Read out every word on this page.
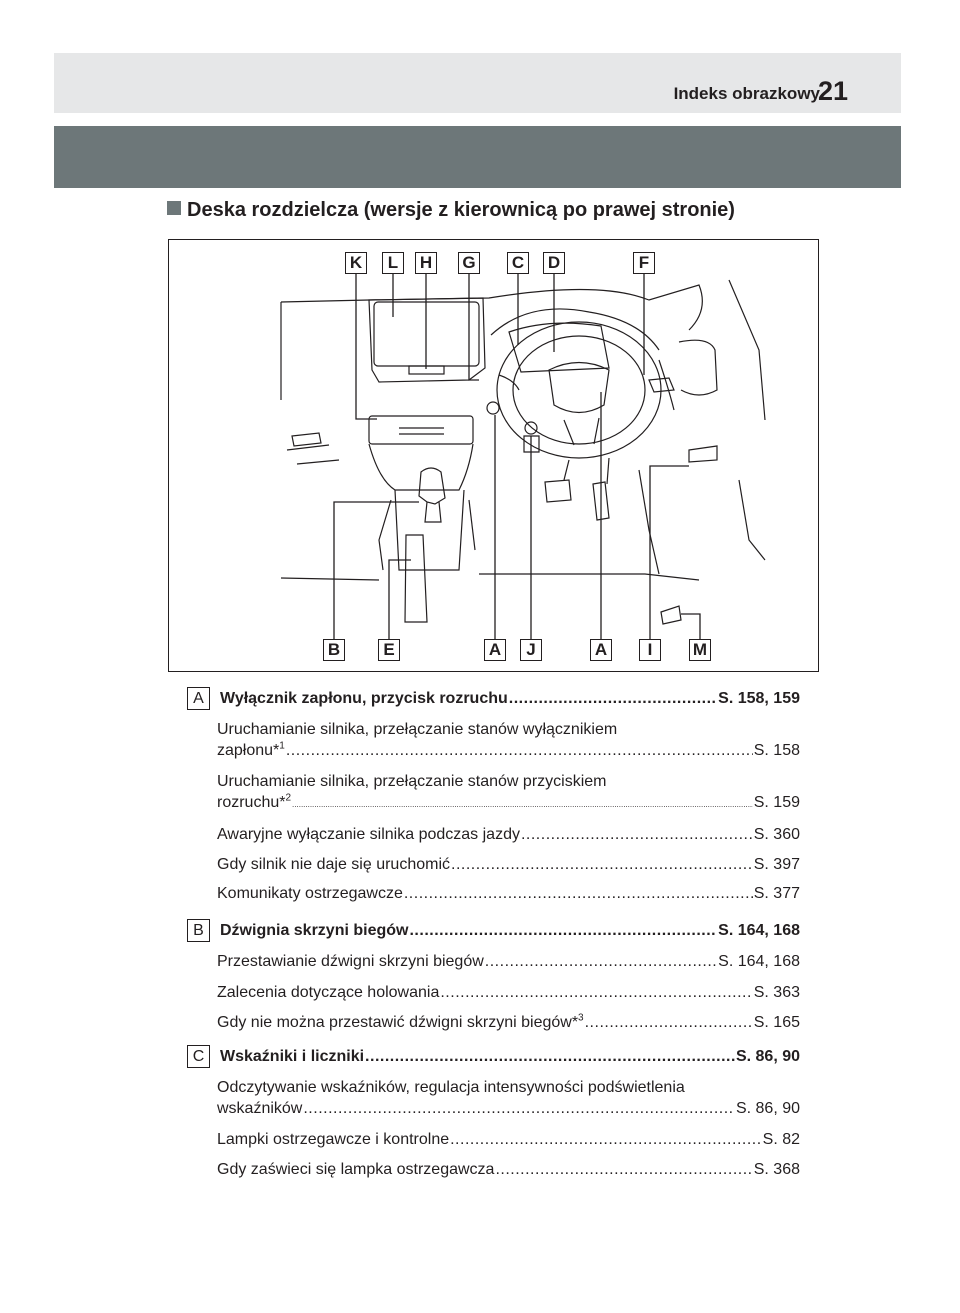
Indeks obrazkowy
21
Deska rozdzielcza (wersje z kierownicą po prawej stronie)
K	L	H G C D	F
B	E	A	J	A	I	M
A	Wyłącznik zapłonu, przycisk rozruchu .....	S. 158, 159
Uruchamianie silnika, przełączanie stanów wyłącznikiem
zapłonu*$^1$ .....	S. 158
Uruchamianie silnika, przełączanie stanów przyciskiem
rozruchu*$^2$ .....	S. 159
Awaryjne wyłączanie silnika podczas jazdy .....	S. 360
Gdy silnik nie daje się uruchomić .....	S. 397
Komunikaty ostrzegawcze .....	S. 377
B	Dźwignia skrzyni biegów .....	S. 164, 168
Przestawianie dźwigni skrzyni biegów .....	S. 164, 168
Zalecenia dotyczące holowania .....	S. 363
Gdy nie można przestawić dźwigni skrzyni biegów*$^3$ .....	S. 165
C Wskaźniki i liczniki .....	S. 86, 90
Odczytywanie wskaźników, regulacja intensywności podświetlenia
wskaźników .....	S. 86, 90
Lampki ostrzegawcze i kontrolne .....	S. 82
Gdy zaświeci się lampka ostrzegawcza .....	S. 368
